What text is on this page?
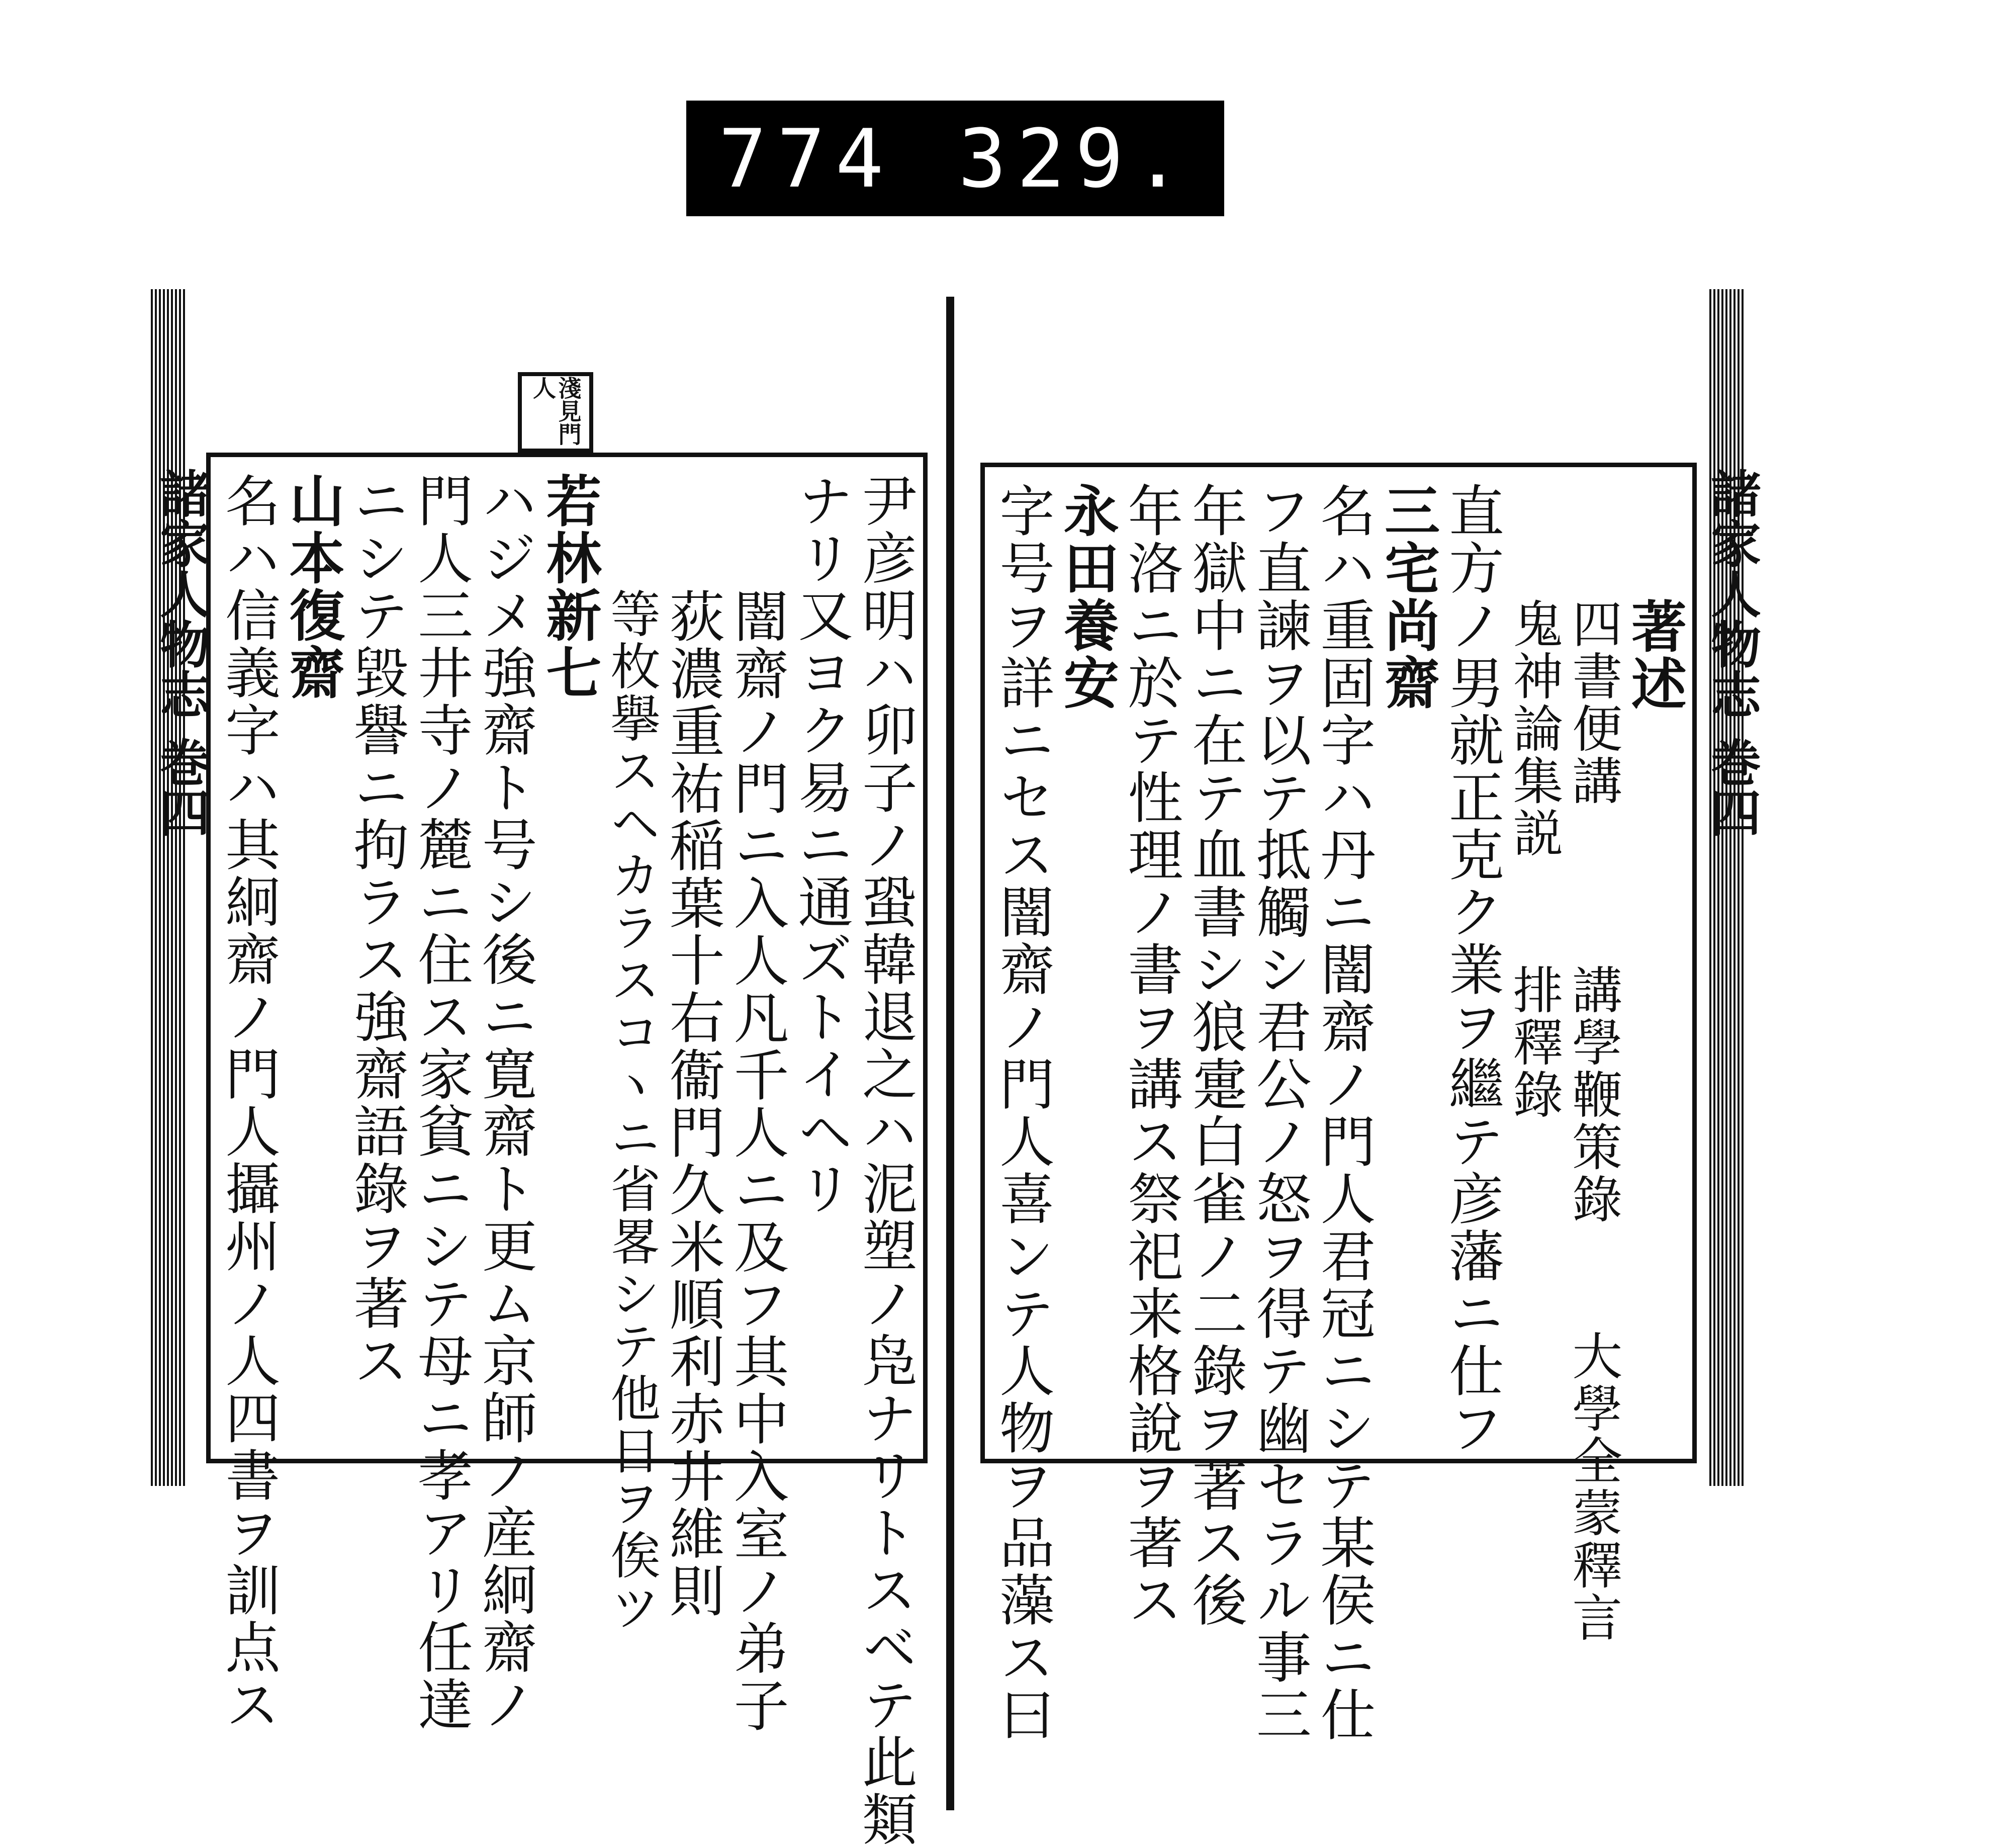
774 329.
淺見門人
諸家人物志 巻四	諸家人物志 巻四
尹彦明ハ卯子ノ蛩韓退之ハ泥塑ノ凫ナリトスベテ此類
ナリ又ヨク易ニ通ズトイヘリ
闇齋ノ門ニ入人凡千人ニ及フ其中入室ノ弟子
荻濃重祐稲葉十右衞門久米順利赤井維則
等枚擧スヘカラスコヽニ省畧シテ他日ヲ俟ツ
若林新七
ハジメ強齋ト号シ後ニ寛齋ト更ム京師ノ産絅齋ノ
門人三井寺ノ麓ニ住ス家貧ニシテ母ニ孝アリ任達
ニシテ毀譽ニ拘ラス強齋語錄ヲ著ス
山本復齋
名ハ信義字ハ其絅齋ノ門人攝州ノ人四書ヲ訓点ス	著述
四書便講　　　講學鞭策錄　　大學全蒙釋言
鬼神論集説　　排釋錄
直方ノ男就正克ク業ヲ繼テ彦藩ニ仕フ
三宅尚齋
名ハ重固字ハ丹ニ闇齋ノ門人君冠ニシテ某侯ニ仕
フ直諫ヲ以テ抵觸シ君公ノ怒ヲ得テ幽セラル事三
年獄中ニ在テ血書シ狼疐白雀ノ二錄ヲ著ス後
年洛ニ於テ性理ノ書ヲ講ス祭祀来格說ヲ著ス
永田養安
字号ヲ詳ニセス闇齋ノ門人喜ンテ人物ヲ品藻ス曰
